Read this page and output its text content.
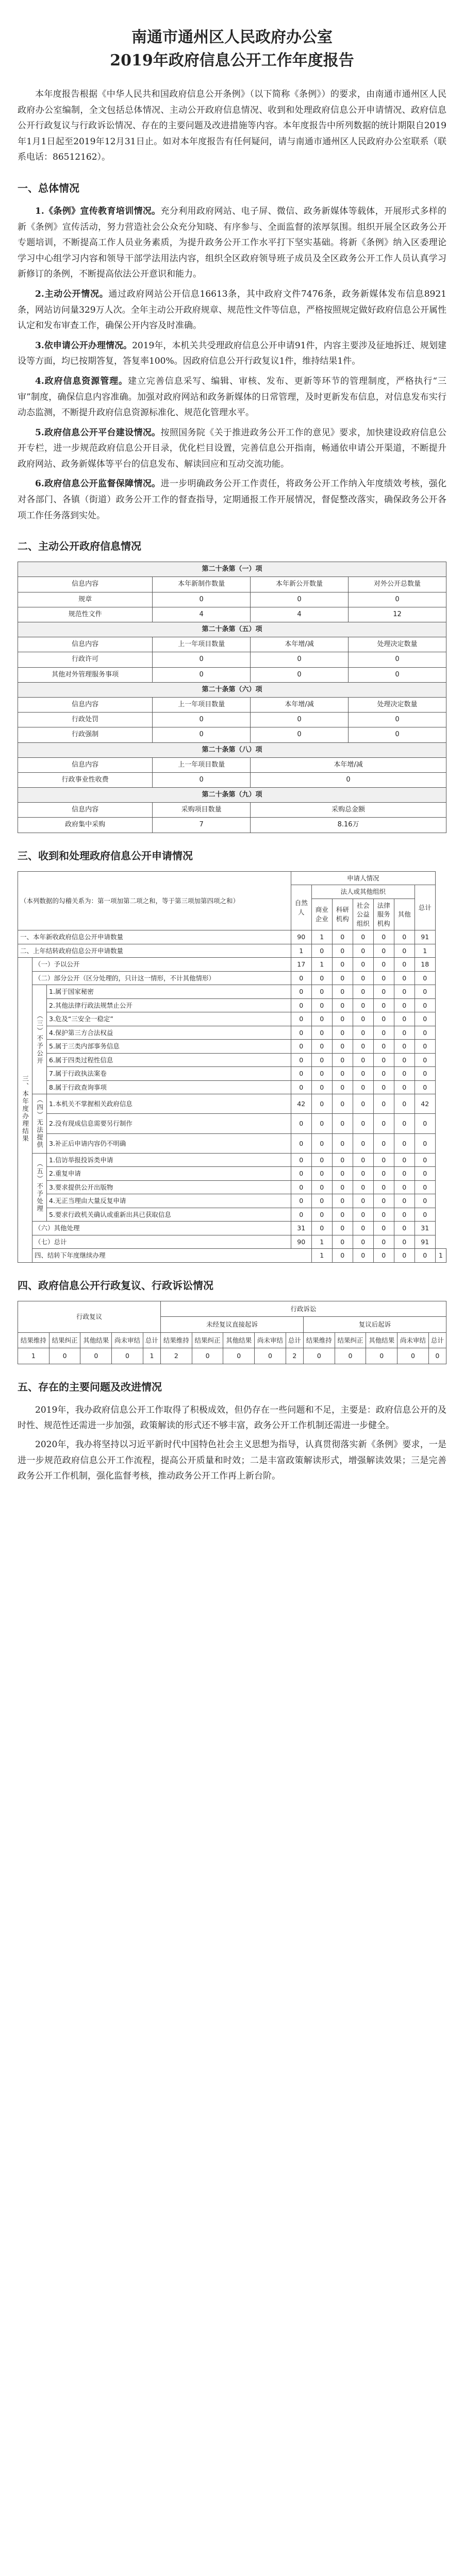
南通市通州区人民政府办公室
2019年政府信息公开工作年度报告

本年度报告根据《中华人民共和国政府信息公开条例》（以下简称《条例》）的要求，由南通市通州区人民政府办公室编制，全文包括总体情况、主动公开政府信息情况、收到和处理政府信息公开申请情况、政府信息公开行政复议与行政诉讼情况、存在的主要问题及改进措施等内容。本年度报告中所列数据的统计期限自2019年1月1日起至2019年12月31日止。如对本年度报告有任何疑问，请与南通市通州区人民政府办公室联系（联系电话：86512162）。

一、总体情况

1.《条例》宣传教育培训情况。充分利用政府网站、电子屏、微信、政务新媒体等载体，开展形式多样的新《条例》宣传活动，努力营造社会公众充分知晓、有序参与、全面监督的浓厚氛围。组织开展全区政务公开专题培训，不断提高工作人员业务素质，为提升政务公开工作水平打下坚实基础。将新《条例》纳入区委理论学习中心组学习内容和领导干部学法用法内容，组织全区政府领导班子成员及全区政务公开工作人员认真学习新修订的条例，不断提高依法公开意识和能力。

2.主动公开情况。通过政府网站公开信息16613条，其中政府文件7476条，政务新媒体发布信息8921条，网站访问量329万人次。全年主动公开政府规章、规范性文件等信息，严格按照规定做好政府信息公开属性认定和发布审查工作，确保公开内容及时准确。

3.依申请公开办理情况。2019年，本机关共受理政府信息公开申请91件，内容主要涉及征地拆迁、规划建设等方面，均已按期答复，答复率100%。因政府信息公开行政复议1件，维持结果1件。

4.政府信息资源管理。建立完善信息采写、编辑、审核、发布、更新等环节的管理制度，严格执行“三审”制度，确保信息内容准确。加强对政府网站和政务新媒体的日常管理，及时更新发布信息，对信息发布实行动态监测，不断提升政府信息资源标准化、规范化管理水平。

5.政府信息公开平台建设情况。按照国务院《关于推进政务公开工作的意见》要求，加快建设政府信息公开专栏，进一步规范政府信息公开目录，优化栏目设置，完善信息公开指南，畅通依申请公开渠道，不断提升政府网站、政务新媒体等平台的信息发布、解读回应和互动交流功能。

6.政府信息公开监督保障情况。进一步明确政务公开工作责任，将政务公开工作纳入年度绩效考核，强化对各部门、各镇（街道）政务公开工作的督查指导，定期通报工作开展情况，督促整改落实，确保政务公开各项工作任务落到实处。

二、主动公开政府信息情况
第二十条第（一）项			
信息内容	本年新制作数量	本年新公开数量	对外公开总数量
规章	0	0	0
规范性文件	4	4	12
第二十条第（五）项			
信息内容	上一年项目数量	本年增/减	处理决定数量
行政许可	0	0	0
其他对外管理服务事项	0	0	0
第二十条第（六）项			
信息内容	上一年项目数量	本年增/减	处理决定数量
行政处罚	0	0	0
行政强制	0	0	0
第二十条第（八）项			
信息内容	上一年项目数量	本年增/减	
行政事业性收费	0	0	
第二十条第（九）项			
信息内容	采购项目数量	采购总金额	
政府集中采购	7	8.16万	
三、收到和处理政府信息公开申请情况
（本列数据的勾稽关系为：第一项加第二项之和，等于第三项加第四项之和）			申请人情况							
			自然人	法人或其他组织					总计	
				商业企业	科研机构	社会公益组织	法律服务机构	其他		
一、本年新收政府信息公开申请数量			90	1	0	0	0	0	91	
二、上年结转政府信息公开申请数量			1	0	0	0	0	0	1	
三、本年度办理结果	（一）予以公开		17	1	0	0	0	0	18	
	（二）部分公开（区分处理的，只计这一情形，不计其他情形）		0	0	0	0	0	0	0	
	（三）不予公开	1.属于国家秘密	0	0	0	0	0	0	0	
		2.其他法律行政法规禁止公开	0	0	0	0	0	0	0	
		3.危及“三安全一稳定”	0	0	0	0	0	0	0	
		4.保护第三方合法权益	0	0	0	0	0	0	0	
		5.属于三类内部事务信息	0	0	0	0	0	0	0	
		6.属于四类过程性信息	0	0	0	0	0	0	0	
		7.属于行政执法案卷	0	0	0	0	0	0	0	
		8.属于行政查询事项	0	0	0	0	0	0	0	
	（四）无法提供	1.本机关不掌握相关政府信息	42	0	0	0	0	0	42	
		2.没有现成信息需要另行制作	0	0	0	0	0	0	0	
		3.补正后申请内容仍不明确	0	0	0	0	0	0	0	
	（五）不予处理	1.信访举报投诉类申请	0	0	0	0	0	0	0	
		2.重复申请	0	0	0	0	0	0	0	
		3.要求提供公开出版物	0	0	0	0	0	0	0	
		4.无正当理由大量反复申请	0	0	0	0	0	0	0	
		5.要求行政机关确认或重新出具已获取信息	0	0	0	0	0	0	0	
	（六）其他处理		31	0	0	0	0	0	31	
	（七）总计		90	1	0	0	0	0	91	
	四、结转下年度继续办理			1	0	0	0	0	0	1
四、政府信息公开行政复议、行政诉讼情况
行政复议					行政诉讼									
					未经复议直接起诉					复议后起诉				
结果维持	结果纠正	其他结果	尚未审结	总计	结果维持	结果纠正	其他结果	尚未审结	总计	结果维持	结果纠正	其他结果	尚未审结	总计
1	0	0	0	1	2	0	0	0	2	0	0	0	0	0
五、存在的主要问题及改进情况

2019年，我办政府信息公开工作取得了积极成效，但仍存在一些问题和不足，主要是：政府信息公开的及时性、规范性还需进一步加强，政策解读的形式还不够丰富，政务公开工作机制还需进一步健全。

2020年，我办将坚持以习近平新时代中国特色社会主义思想为指导，认真贯彻落实新《条例》要求，一是进一步规范政府信息公开工作流程，提高公开质量和时效；二是丰富政策解读形式，增强解读效果；三是完善政务公开工作机制，强化监督考核，推动政务公开工作再上新台阶。
